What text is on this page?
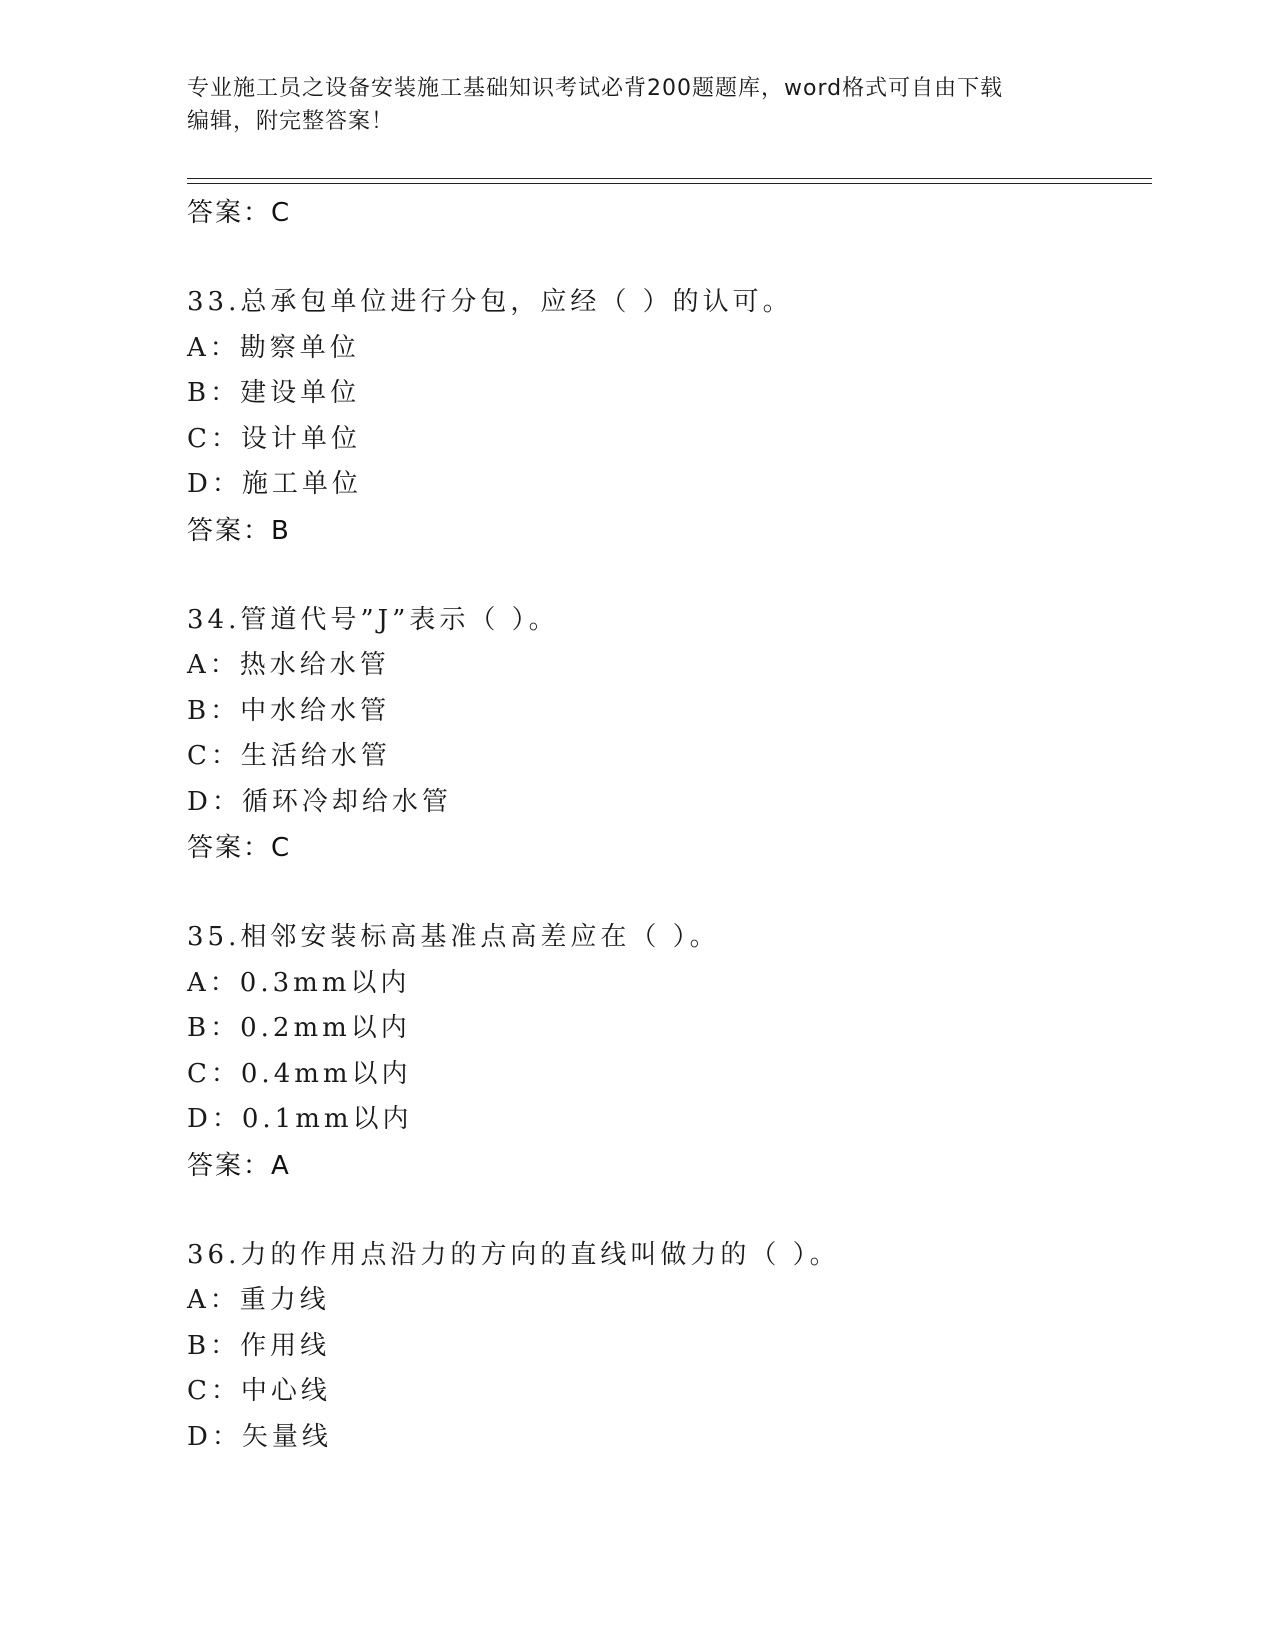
专业施工员之设备安装施工基础知识考试必背200题题库，word格式可自由下载
编辑，附完整答案！
答案：C
33.总承包单位进行分包，应经（ ）的认可。
A：勘察单位
B：建设单位
C：设计单位
D：施工单位
答案：B
34.管道代号”J”表示（ ）。
A：热水给水管
B：中水给水管
C：生活给水管
D：循环冷却给水管
答案：C
35.相邻安装标高基准点高差应在（ ）。
A：0.3mm以内
B：0.2mm以内
C：0.4mm以内
D：0.1mm以内
答案：A
36.力的作用点沿力的方向的直线叫做力的（ ）。
A：重力线
B：作用线
C：中心线
D：矢量线
